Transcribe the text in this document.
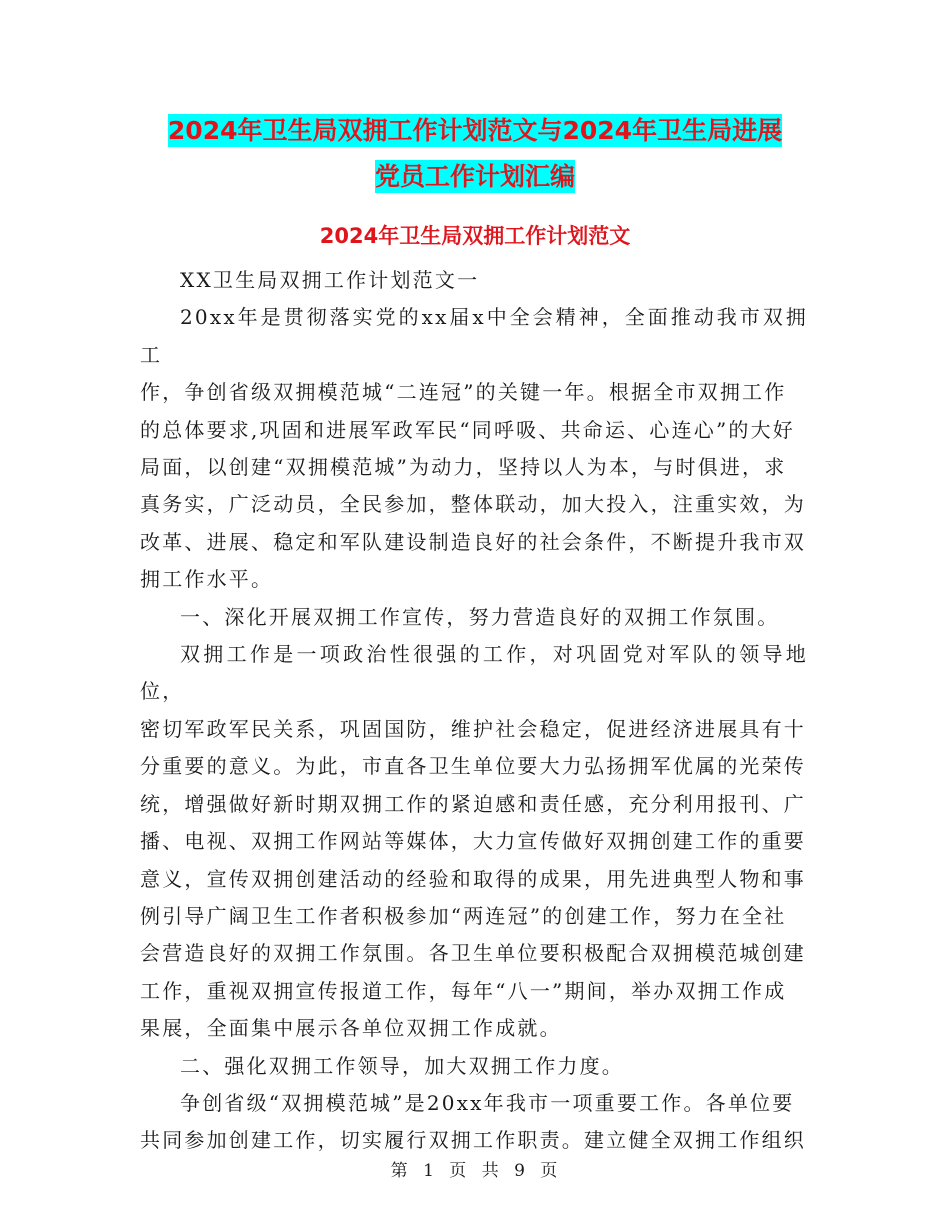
2024年卫生局双拥工作计划范文与2024年卫生局进展
党员工作计划汇编
2024年卫生局双拥工作计划范文

XX卫生局双拥工作计划范文一

20xx年是贯彻落实党的xx届x中全会精神，全面推动我市双拥工
作，争创省级双拥模范城“二连冠”的关键一年。根据全市双拥工作
的总体要求,巩固和进展军政军民“同呼吸、共命运、心连心”的大好
局面，以创建“双拥模范城”为动力，坚持以人为本，与时俱进，求
真务实，广泛动员，全民参加，整体联动，加大投入，注重实效，为
改革、进展、稳定和军队建设制造良好的社会条件，不断提升我市双
拥工作水平。

一、深化开展双拥工作宣传，努力营造良好的双拥工作氛围。

双拥工作是一项政治性很强的工作，对巩固党对军队的领导地位，
密切军政军民关系，巩固国防，维护社会稳定，促进经济进展具有十
分重要的意义。为此，市直各卫生单位要大力弘扬拥军优属的光荣传
统，增强做好新时期双拥工作的紧迫感和责任感，充分利用报刊、广
播、电视、双拥工作网站等媒体，大力宣传做好双拥创建工作的重要
意义，宣传双拥创建活动的经验和取得的成果，用先进典型人物和事
例引导广阔卫生工作者积极参加“两连冠”的创建工作，努力在全社
会营造良好的双拥工作氛围。各卫生单位要积极配合双拥模范城创建
工作，重视双拥宣传报道工作，每年“八一”期间，举办双拥工作成
果展，全面集中展示各单位双拥工作成就。

二、强化双拥工作领导，加大双拥工作力度。

争创省级“双拥模范城”是20xx年我市一项重要工作。各单位要
共同参加创建工作，切实履行双拥工作职责。建立健全双拥工作组织

第 1 页 共 9 页
